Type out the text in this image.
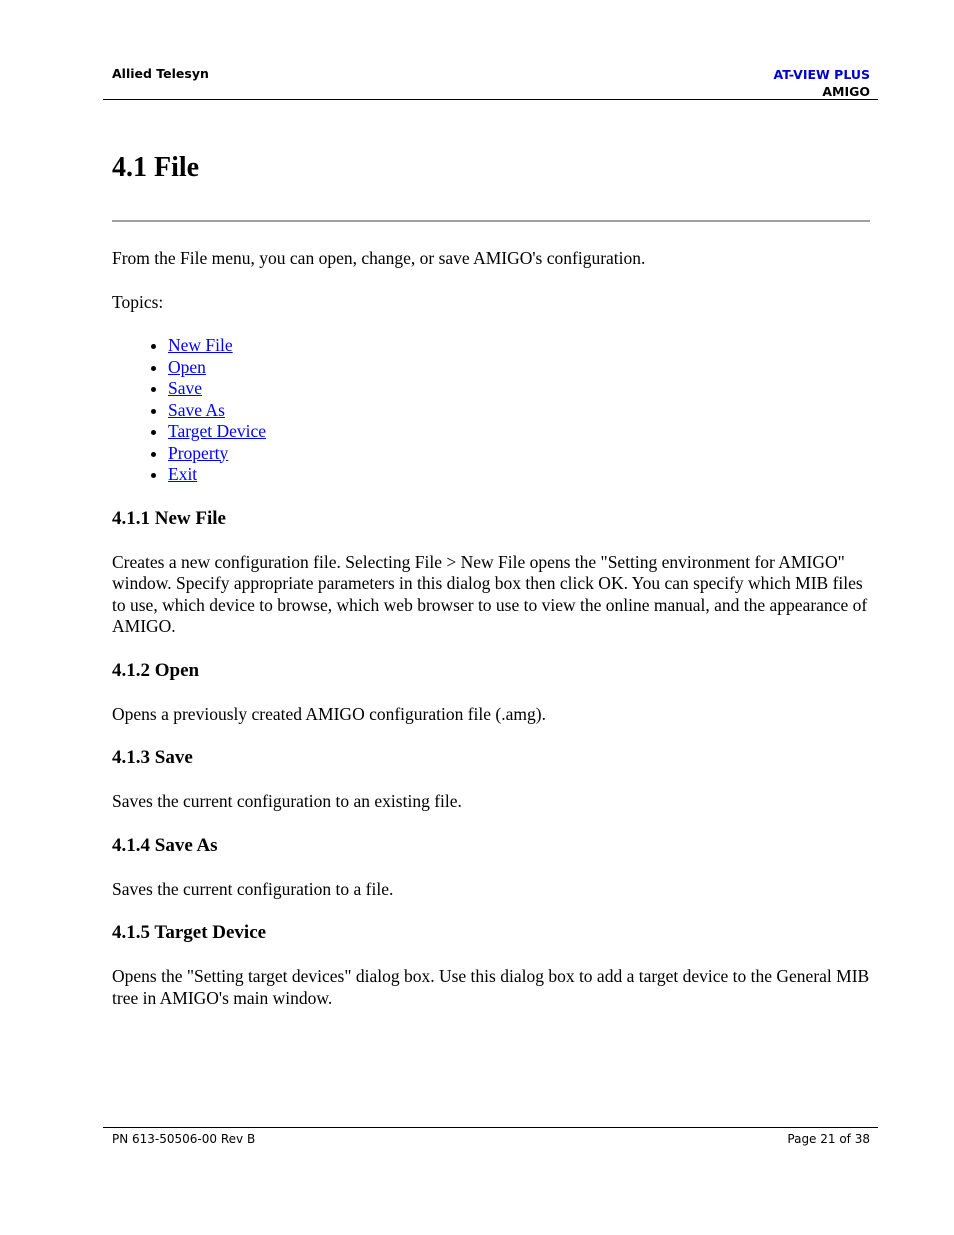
Allied Telesyn	AT-VIEW PLUS
AMIGO
4.1 File

From the File menu, you can open, change, or save AMIGO's configuration.

Topics:

• New File
• Open
• Save
• Save As
• Target Device
• Property
• Exit
4.1.1 New File

Creates a new configuration file. Selecting File > New File opens the "Setting environment for AMIGO" window. Specify appropriate parameters in this dialog box then click OK. You can specify which MIB files to use, which device to browse, which web browser to use to view the online manual, and the appearance of AMIGO.

4.1.2 Open

Opens a previously created AMIGO configuration file (.amg).

4.1.3 Save

Saves the current configuration to an existing file.

4.1.4 Save As

Saves the current configuration to a file.

4.1.5 Target Device

Opens the "Setting target devices" dialog box. Use this dialog box to add a target device to the General MIB tree in AMIGO's main window.

PN 613-50506-00 Rev B	Page 21 of 38
